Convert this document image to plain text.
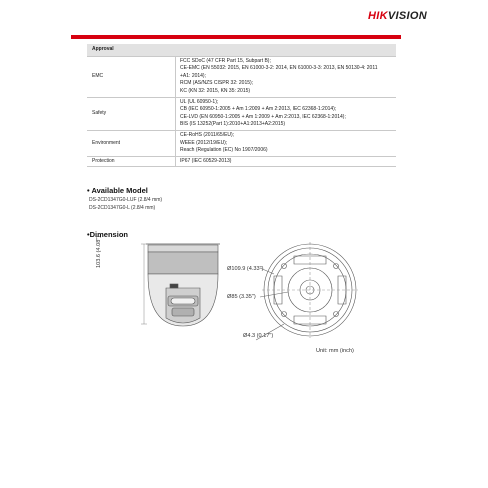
HIKVISION
Approval	
EMC	FCC SDoC (47 CFR Part 15, Subpart B);
CE-EMC (EN 55032: 2015, EN 61000-3-2: 2014, EN 61000-3-3: 2013, EN 50130-4: 2011
+A1: 2014);
RCM (AS/NZS CISPR 32: 2015);
KC (KN 32: 2015, KN 35: 2015)

Safety	UL (UL 60950-1);
CB (IEC 60950-1:2005 + Am 1:2009 + Am 2:2013, IEC 62368-1:2014);
CE-LVD (EN 60950-1:2005 + Am 1:2009 + Am 2:2013, IEC 62368-1:2014);
BIS (IS 13252(Part 1):2010+A1:2013+A2:2015)

Environment	CE-RoHS (2011/65/EU);
WEEE (2012/19/EU);
Reach (Regulation (EC) No 1907/2006)

Protection	IP67 (IEC 60529-2013)
• Available Model
DS-2CD1347G0-LUF (2.8/4 mm)
DS-2CD1347G0-L (2.8/4 mm)
•Dimension
103.6 (4.08")
Ø109.9 (4.33")
Ø85 (3.35")
Ø4.3 (0.17")
Unit: mm (inch)
